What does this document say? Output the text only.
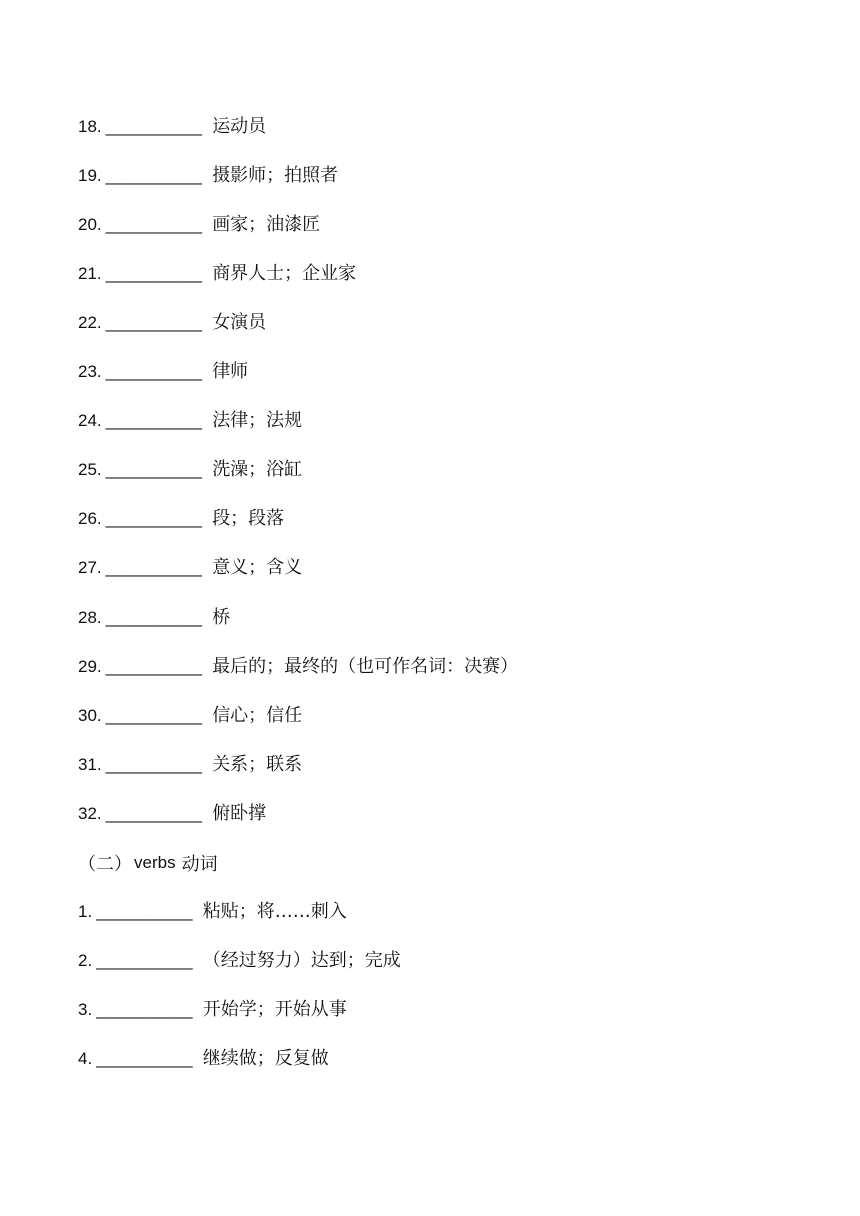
18. __________ 运动员
19. __________ 摄影师；拍照者
20. __________ 画家；油漆匠
21. __________ 商界人士；企业家
22. __________ 女演员
23. __________ 律师
24. __________ 法律；法规
25. __________ 洗澡；浴缸
26. __________ 段；段落
27. __________ 意义；含义
28. __________ 桥
29. __________ 最后的；最终的（也可作名词：决赛）
30. __________ 信心；信任
31. __________ 关系；联系
32. __________ 俯卧撑
（二） verbs 动词
1. __________ 粘贴；将……刺入
2. __________ （经过努力）达到；完成
3. __________ 开始学；开始从事
4. __________ 继续做；反复做
